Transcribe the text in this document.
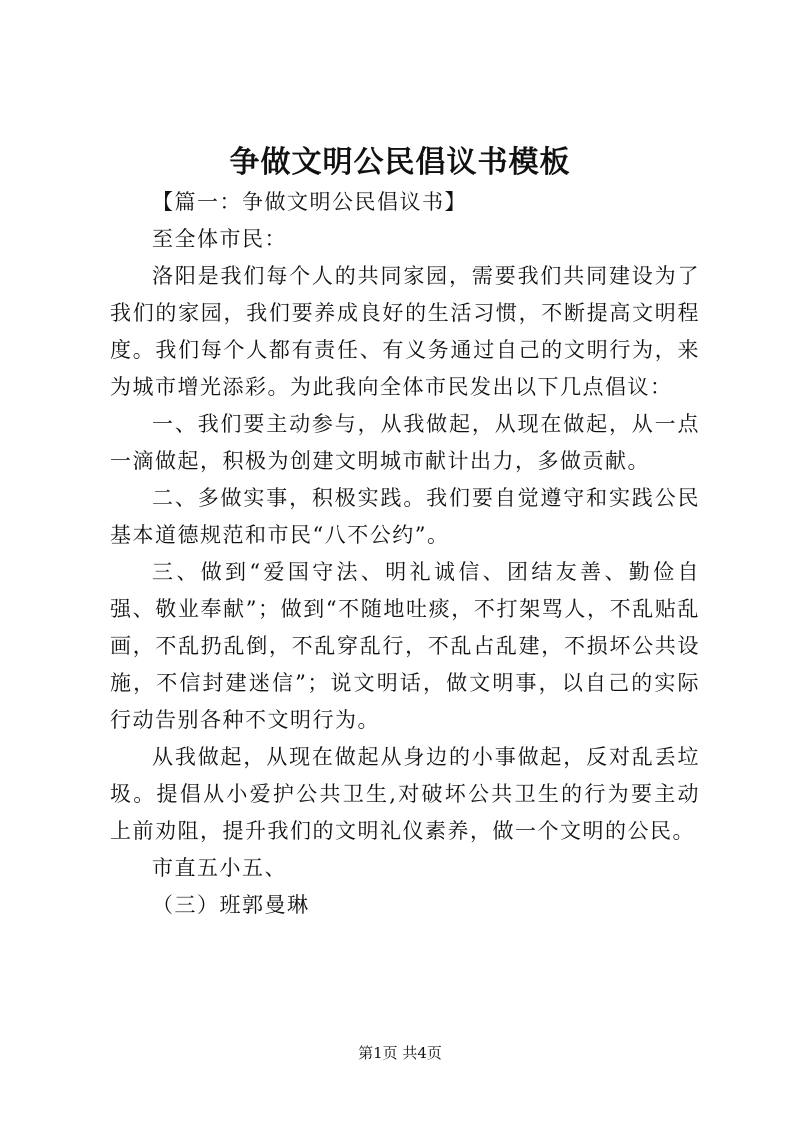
争做文明公民倡议书模板

【篇一：争做文明公民倡议书】

至全体市民：

洛阳是我们每个人的共同家园，需要我们共同建设为了我们的家园，我们要养成良好的生活习惯，不断提高文明程度。我们每个人都有责任、有义务通过自己的文明行为，来为城市增光添彩。为此我向全体市民发出以下几点倡议：

一、我们要主动参与，从我做起，从现在做起，从一点一滴做起，积极为创建文明城市献计出力，多做贡献。

二、多做实事，积极实践。我们要自觉遵守和实践公民基本道德规范和市民“八不公约”。

三、做到“爱国守法、明礼诚信、团结友善、勤俭自强、敬业奉献”；做到“不随地吐痰，不打架骂人，不乱贴乱画，不乱扔乱倒，不乱穿乱行，不乱占乱建，不损坏公共设施，不信封建迷信”；说文明话，做文明事，以自己的实际行动告别各种不文明行为。

从我做起，从现在做起从身边的小事做起，反对乱丢垃圾。提倡从小爱护公共卫生,对破坏公共卫生的行为要主动上前劝阻，提升我们的文明礼仪素养，做一个文明的公民。

市直五小五、

（三）班郭曼琳

第1页 共4页
